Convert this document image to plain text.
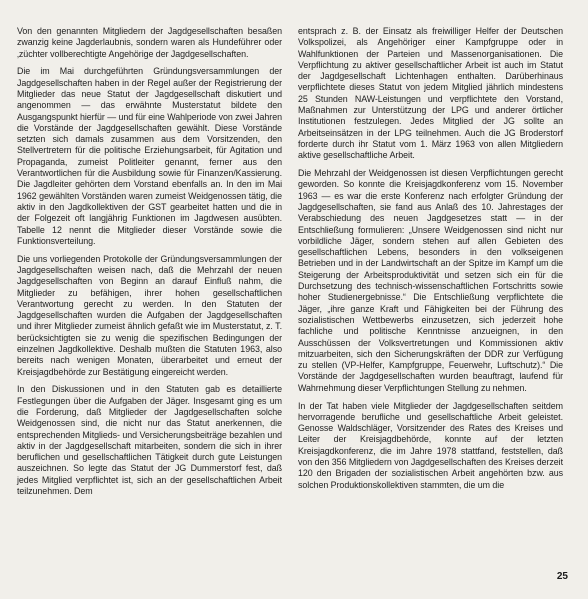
Von den genannten Mitgliedern der Jagdgesellschaften besaßen zwanzig keine Jagderlaubnis, sondern waren als Hundeführer oder ‚züchter vollberechtigte Angehörige der Jagdgesellschaften.

Die im Mai durchgeführten Gründungsversammlungen der Jagdgesellschaften haben in der Regel außer der Registrierung der Mitglieder das neue Statut der Jagdgesellschaft diskutiert und angenommen — das erwähnte Musterstatut bildete den Ausgangspunkt hierfür — und für eine Wahlperiode von zwei Jahren die Vorstände der Jagdgesellschaften gewählt. Diese Vorstände setzten sich damals zusammen aus dem Vorsitzenden, den Stellvertretern für die politische Erziehungsarbeit, für Agitation und Propaganda, zumeist Politleiter genannt, ferner aus den Verantwortlichen für die Ausbildung sowie für Finanzen/Kassierung. Die Jagdleiter gehörten dem Vorstand ebenfalls an. In den im Mai 1962 gewählten Vorständen waren zumeist Weidgenossen tätig, die aktiv in den Jagdkollektiven der GST gearbeitet hatten und die in der Folgezeit oft langjährig Funktionen im Jagdwesen ausübten. Tabelle 12 nennt die Mitglieder dieser Vorstände sowie die Funktionsverteilung.

Die uns vorliegenden Protokolle der Gründungsversammlungen der Jagdgesellschaften weisen nach, daß die Mehrzahl der neuen Jagdgesellschaften von Beginn an darauf Einfluß nahm, die Mitglieder zu befähigen, ihrer hohen gesellschaftlichen Verantwortung gerecht zu werden. In den Statuten der Jagdgesellschaften wurden die Aufgaben der Jagdgesellschaften und ihrer Mitglieder zumeist ähnlich gefaßt wie im Musterstatut, z. T. berücksichtigten sie zu wenig die spezifischen Bedingungen der einzelnen Jagdkollektive. Deshalb mußten die Statuten 1963, also bereits nach wenigen Monaten, überarbeitet und erneut der Kreisjagdbehörde zur Bestätigung eingereicht werden.

In den Diskussionen und in den Statuten gab es detaillierte Festlegungen über die Aufgaben der Jäger. Insgesamt ging es um die Forderung, daß Mitglieder der Jagdgesellschaften solche Weidgenossen sind, die nicht nur das Statut anerkennen, die entsprechenden Mitglieds- und Versicherungsbeiträge bezahlen und aktiv in der Jagdgesellschaft mitarbeiten, sondern die sich in ihrer beruflichen und gesellschaftlichen Tätigkeit durch gute Leistungen auszeichnen. So legte das Statut der JG Dummerstorf fest, daß jedes Mitglied verpflichtet ist, sich an der gesellschaftlichen Arbeit teilzunehmen. Dem

entsprach z. B. der Einsatz als freiwilliger Helfer der Deutschen Volkspolizei, als Angehöriger einer Kampfgruppe oder in Wahlfunktionen der Parteien und Massenorganisationen. Die Verpflichtung zu aktiver gesellschaftlicher Arbeit ist auch im Statut der Jagdgesellschaft Lichtenhagen enthalten. Darüberhinaus verpflichtete dieses Statut von jedem Mitglied jährlich mindestens 25 Stunden NAW-Leistungen und verpflichtete den Vorstand, Maßnahmen zur Unterstützung der LPG und anderer örtlicher Institutionen festzulegen. Jedes Mitglied der JG sollte an Arbeitseinsätzen in der LPG teilnehmen. Auch die JG Broderstorf forderte durch ihr Statut vom 1. März 1963 von allen Mitgliedern aktive gesellschaftliche Arbeit.

Die Mehrzahl der Weidgenossen ist diesen Verpflichtungen gerecht geworden. So konnte die Kreisjagdkonferenz vom 15. November 1963 — es war die erste Konferenz nach erfolgter Gründung der Jagdgesellschaften, sie fand aus Anlaß des 10. Jahrestages der Verabschiedung des neuen Jagdgesetzes statt — in der Entschließung formulieren: „Unsere Weidgenossen sind nicht nur vorbildliche Jäger, sondern stehen auf allen Gebieten des gesellschaftlichen Lebens, besonders in den volkseigenen Betrieben und in der Landwirtschaft an der Spitze im Kampf um die Steigerung der Arbeitsproduktivität und setzen sich ein für die Durchsetzung des technisch-wissenschaftlichen Fortschritts sowie hoher Studienergebnisse.“ Die Entschließung verpflichtete die Jäger, „ihre ganze Kraft und Fähigkeiten bei der Führung des sozialistischen Wettbewerbs einzusetzen, sich jederzeit hohe fachliche und politische Kenntnisse anzueignen, in den Ausschüssen der Volksvertretungen und Kommissionen aktiv mitzuarbeiten, sich den Sicherungskräften der DDR zur Verfügung zu stellen (VP-Helfer, Kampfgruppe, Feuerwehr, Luftschutz).“ Die Vorstände der Jagdgesellschaften wurden beauftragt, laufend für Wahrnehmung dieser Verpflichtungen Stellung zu nehmen.

In der Tat haben viele Mitglieder der Jagdgesellschaften seitdem hervorragende berufliche und gesellschaftliche Arbeit geleistet. Genosse Waldschläger, Vorsitzender des Rates des Kreises und Leiter der Kreisjagdbehörde, konnte auf der letzten Kreisjagdkonferenz, die im Jahre 1978 stattfand, feststellen, daß von den 356 Mitgliedern von Jagdgesellschaften des Kreises derzeit 120 den Brigaden der sozialistischen Arbeit angehörten bzw. aus solchen Produktionskollektiven stammten, die um die

25
